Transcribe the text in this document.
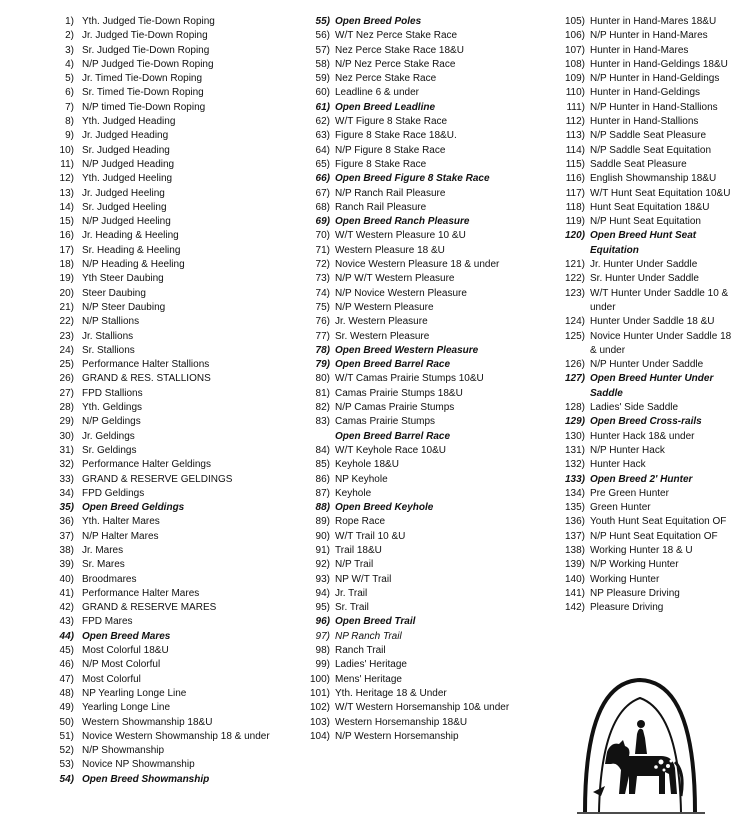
1) Yth. Judged Tie-Down Roping
2) Jr. Judged Tie-Down Roping
3) Sr. Judged Tie-Down Roping
4) N/P Judged Tie-Down Roping
5) Jr. Timed Tie-Down Roping
6) Sr. Timed Tie-Down Roping
7) N/P timed Tie-Down Roping
8) Yth. Judged Heading
9) Jr. Judged Heading
10) Sr. Judged Heading
11) N/P Judged Heading
12) Yth. Judged Heeling
13) Jr. Judged Heeling
14) Sr. Judged Heeling
15) N/P Judged Heeling
16) Jr. Heading & Heeling
17) Sr. Heading & Heeling
18) N/P Heading & Heeling
19) Yth Steer Daubing
20) Steer Daubing
21) N/P Steer Daubing
22) N/P Stallions
23) Jr. Stallions
24) Sr. Stallions
25) Performance Halter Stallions
26) GRAND & RES. STALLIONS
27) FPD Stallions
28) Yth. Geldings
29) N/P Geldings
30) Jr. Geldings
31) Sr. Geldings
32) Performance Halter Geldings
33) GRAND & RESERVE GELDINGS
34) FPD Geldings
35) Open Breed Geldings
36) Yth. Halter Mares
37) N/P Halter Mares
38) Jr. Mares
39) Sr. Mares
40) Broodmares
41) Performance Halter Mares
42) GRAND & RESERVE MARES
43) FPD Mares
44) Open Breed Mares
45) Most Colorful 18&U
46) N/P Most Colorful
47) Most Colorful
48) NP Yearling Longe Line
49) Yearling Longe Line
50) Western Showmanship 18&U
51) Novice Western Showmanship 18 & under
52) N/P Showmanship
53) Novice NP Showmanship
54) Open Breed Showmanship
55) Open Breed Poles
56) W/T Nez Perce Stake Race
57) Nez Perce Stake Race 18&U
58) N/P Nez Perce Stake Race
59) Nez Perce Stake Race
60) Leadline 6 & under
61) Open Breed Leadline
62) W/T Figure 8 Stake Race
63) Figure 8 Stake Race 18&U.
64) N/P Figure 8 Stake Race
65) Figure 8 Stake Race
66) Open Breed Figure 8 Stake Race
67) N/P Ranch Rail Pleasure
68) Ranch Rail Pleasure
69) Open Breed Ranch Pleasure
70) W/T Western Pleasure 10 &U
71) Western Pleasure 18 &U
72) Novice Western Pleasure 18 & under
73) N/P W/T Western Pleasure
74) N/P Novice Western Pleasure
75) N/P Western Pleasure
76) Jr. Western Pleasure
77) Sr. Western Pleasure
78) Open Breed Western Pleasure
79) Open Breed Barrel Race
80) W/T Camas Prairie Stumps 10&U
81) Camas Prairie Stumps 18&U
82) N/P Camas Prairie Stumps
83) Camas Prairie Stumps
Open Breed Barrel Race
84) W/T Keyhole Race 10&U
85) Keyhole 18&U
86) NP Keyhole
87) Keyhole
88) Open Breed Keyhole
89) Rope Race
90) W/T Trail 10 &U
91) Trail 18&U
92) N/P Trail
93) NP W/T Trail
94) Jr. Trail
95) Sr. Trail
96) Open Breed Trail
97) NP Ranch Trail
98) Ranch Trail
99) Ladies' Heritage
100) Mens' Heritage
101) Yth. Heritage 18 & Under
102) W/T Western Horsemanship 10& under
103) Western Horsemanship 18&U
104) N/P Western Horsemanship
105) Hunter in Hand-Mares 18&U
106) N/P Hunter in Hand-Mares
107) Hunter in Hand-Mares
108) Hunter in Hand-Geldings 18&U
109) N/P Hunter in Hand-Geldings
110) Hunter in Hand-Geldings
111) N/P Hunter in Hand-Stallions
112) Hunter in Hand-Stallions
113) N/P Saddle Seat Pleasure
114) N/P Saddle Seat Equitation
115) Saddle Seat Pleasure
116) English Showmanship 18&U
117) W/T Hunt Seat Equitation 10&U
118) Hunt Seat Equitation 18&U
119) N/P Hunt Seat Equitation
120) Open Breed Hunt Seat Equitation
121) Jr. Hunter Under Saddle
122) Sr. Hunter Under Saddle
123) W/T Hunter Under Saddle 10 & under
124) Hunter Under Saddle 18 &U
125) Novice Hunter Under Saddle 18 & under
126) N/P Hunter Under Saddle
127) Open Breed Hunter Under Saddle
128) Ladies' Side Saddle
129) Open Breed Cross-rails
130) Hunter Hack 18& under
131) N/P Hunter Hack
132) Hunter Hack
133) Open Breed 2' Hunter
134) Pre Green Hunter
135) Green Hunter
136) Youth Hunt Seat Equitation OF
137) N/P Hunt Seat Equitation OF
138) Working Hunter 18 & U
139) N/P Working Hunter
140) Working Hunter
141) NP Pleasure Driving
142) Pleasure Driving
